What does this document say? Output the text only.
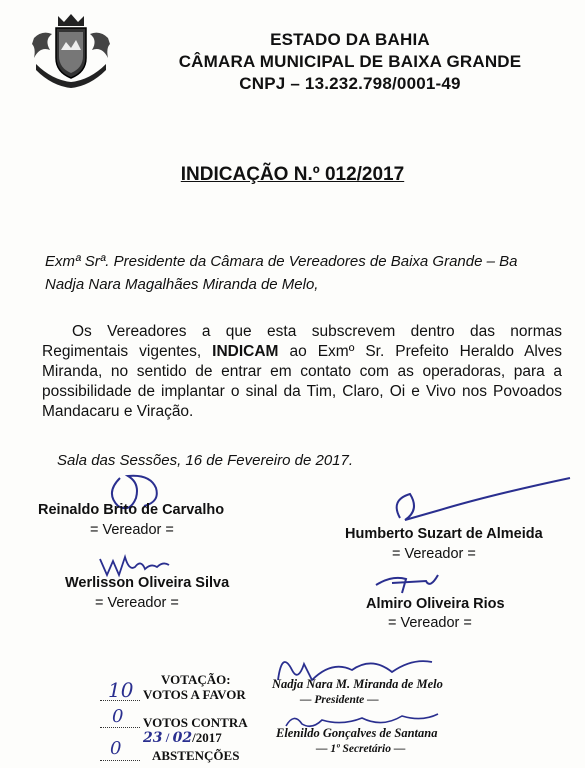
ESTADO DA BAHIA
CÂMARA MUNICIPAL DE BAIXA GRANDE
CNPJ – 13.232.798/0001-49
INDICAÇÃO N.º 012/2017
Exmª Srª. Presidente da Câmara de Vereadores de Baixa Grande – Ba
Nadja Nara Magalhães Miranda de Melo,
Os Vereadores a que esta subscrevem dentro das normas Regimentais vigentes, INDICAM ao Exmº Sr. Prefeito Heraldo Alves Miranda, no sentido de entrar em contato com as operadoras, para a possibilidade de implantar o sinal da Tim, Claro, Oi e Vivo nos Povoados Mandacaru e Viração.
Sala das Sessões, 16 de Fevereiro de 2017.
Reinaldo Brito de Carvalho
= Vereador =	Humberto Suzart de Almeida
= Vereador =
Werlisson Oliveira Silva
= Vereador =	Almiro Oliveira Rios
= Vereador =
VOTAÇÃO:
10 VOTOS A FAVOR
0 VOTOS CONTRA
23 / 02/2017
0 ABSTENÇÕES
Nadja Nara M. Miranda de Melo
— Presidente —
Elenildo Gonçalves de Santana
— 1º Secretário —
